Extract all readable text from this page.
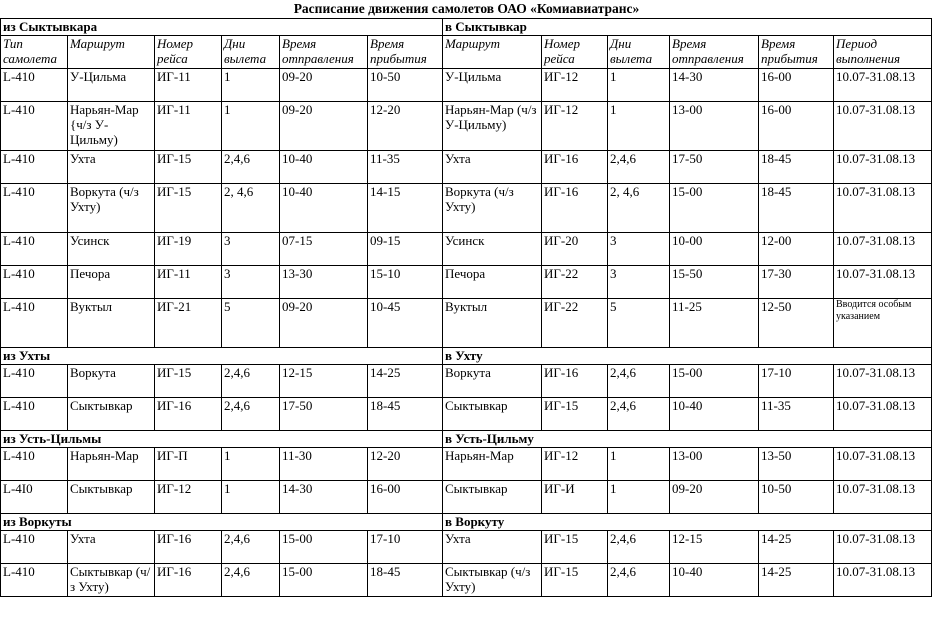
Расписание движения самолетов ОАО «Комиавиатранс»
из Сыктывкара						в Сыктывкар					
Тип самолета	Маршрут	Номер рейса	Дни вылета	Время отправления	Время прибытия	Маршрут	Номер рейса	Дни вылета	Время отправления	Время прибытия	Период выполнения
L-410	У-Цильма	ИГ-11	1	09-20	10-50	У-Цильма	ИГ-12	1	14-30	16-00	10.07-31.08.13
L-410	Нарьян-Мар {ч/з У-Цильму)	ИГ-11	1	09-20	12-20	Нарьян-Мар (ч/з У-Цильму)	ИГ-12	1	13-00	16-00	10.07-31.08.13
L-410	Ухта	ИГ-15	2,4,6	10-40	11-35	Ухта	ИГ-16	2,4,6	17-50	18-45	10.07-31.08.13
L-410	Воркута (ч/з Ухту)	ИГ-15	2, 4,6	10-40	14-15	Воркута (ч/з Ухту)	ИГ-16	2, 4,6	15-00	18-45	10.07-31.08.13
L-410	Усинск	ИГ-19	3	07-15	09-15	Усинск	ИГ-20	3	10-00	12-00	10.07-31.08.13
L-410	Печора	ИГ-11	3	13-30	15-10	Печора	ИГ-22	3	15-50	17-30	10.07-31.08.13
L-410	Вуктыл	ИГ-21	5	09-20	10-45	Вуктыл	ИГ-22	5	11-25	12-50	Вводится особым указанием
из Ухты						в Ухту					
L-410	Воркута	ИГ-15	2,4,6	12-15	14-25	Воркута	ИГ-16	2,4,6	15-00	17-10	10.07-31.08.13
L-410	Сыктывкар	ИГ-16	2,4,6	17-50	18-45	Сыктывкар	ИГ-15	2,4,6	10-40	11-35	10.07-31.08.13
из Усть-Цильмы						в Усть-Цильму					
L-410	Нарьян-Мар	ИГ-П	1	11-30	12-20	Нарьян-Мар	ИГ-12	1	13-00	13-50	10.07-31.08.13
L-4I0	Сыктывкар	ИГ-12	1	14-30	16-00	Сыктывкар	ИГ-И	1	09-20	10-50	10.07-31.08.13
из Воркуты						в Воркуту					
L-410	Ухта	ИГ-16	2,4,6	15-00	17-10	Ухта	ИГ-15	2,4,6	12-15	14-25	10.07-31.08.13
L-410	Сыктывкар (ч/з Ухту)	ИГ-16	2,4,6	15-00	18-45	Сыктывкар (ч/з Ухту)	ИГ-15	2,4,6	10-40	14-25	10.07-31.08.13
